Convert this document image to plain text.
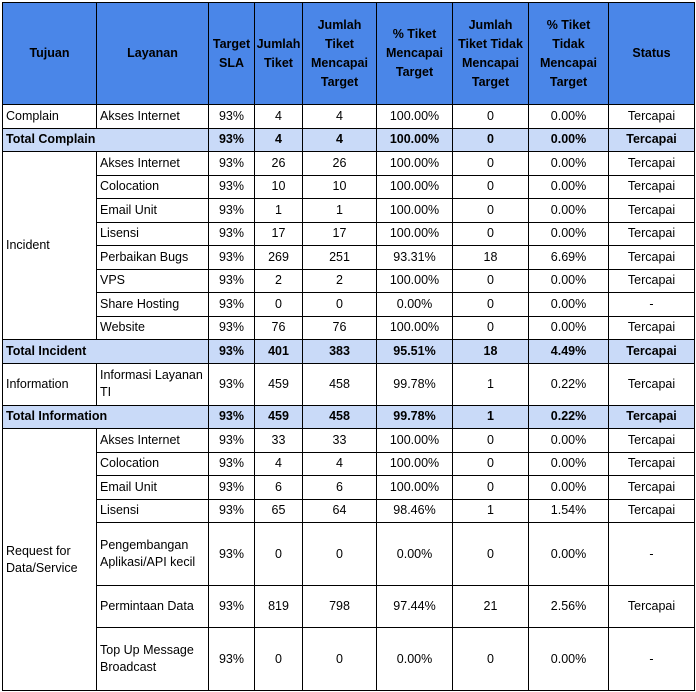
Tujuan	Layanan	Target SLA	Jumlah Tiket	Jumlah Tiket Mencapai Target	% Tiket Mencapai Target	Jumlah Tiket Tidak Mencapai Target	% Tiket Tidak Mencapai Target	Status
Complain	Akses Internet	93%	4	4	100.00%	0	0.00%	Tercapai
Total Complain		93%	4	4	100.00%	0	0.00%	Tercapai
Incident	Akses Internet	93%	26	26	100.00%	0	0.00%	Tercapai
	Colocation	93%	10	10	100.00%	0	0.00%	Tercapai
	Email Unit	93%	1	1	100.00%	0	0.00%	Tercapai
	Lisensi	93%	17	17	100.00%	0	0.00%	Tercapai
	Perbaikan Bugs	93%	269	251	93.31%	18	6.69%	Tercapai
	VPS	93%	2	2	100.00%	0	0.00%	Tercapai
	Share Hosting	93%	0	0	0.00%	0	0.00%	-
	Website	93%	76	76	100.00%	0	0.00%	Tercapai
Total Incident		93%	401	383	95.51%	18	4.49%	Tercapai
Information	Informasi Layanan TI	93%	459	458	99.78%	1	0.22%	Tercapai
Total Information		93%	459	458	99.78%	1	0.22%	Tercapai
Request for Data/Service	Akses Internet	93%	33	33	100.00%	0	0.00%	Tercapai
	Colocation	93%	4	4	100.00%	0	0.00%	Tercapai
	Email Unit	93%	6	6	100.00%	0	0.00%	Tercapai
	Lisensi	93%	65	64	98.46%	1	1.54%	Tercapai
	Pengembangan Aplikasi/API kecil	93%	0	0	0.00%	0	0.00%	-
	Permintaan Data	93%	819	798	97.44%	21	2.56%	Tercapai
	Top Up Message Broadcast	93%	0	0	0.00%	0	0.00%	-
